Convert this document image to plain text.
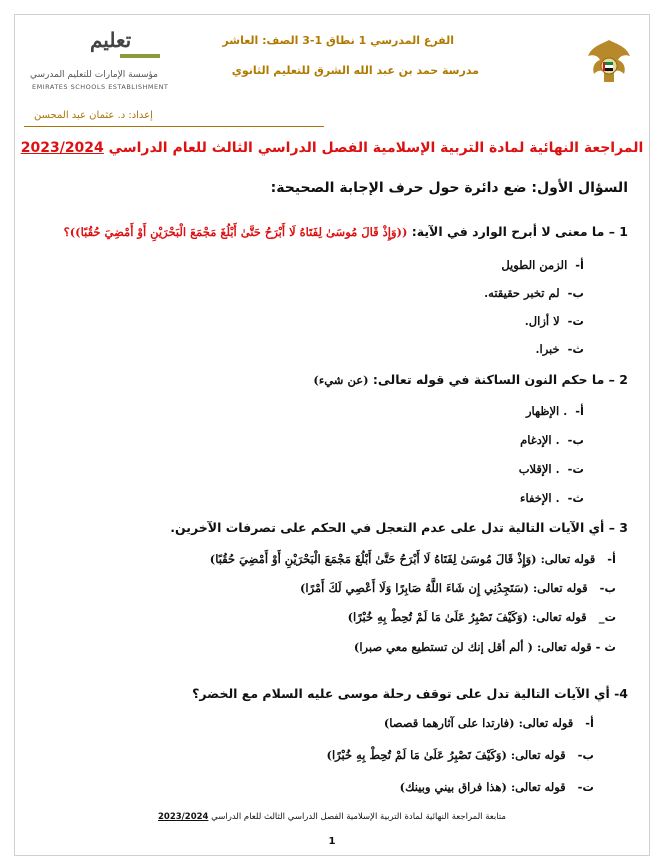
الفرع المدرسي 1 نطاق 1-3 الصف: العاشر
مدرسة حمد بن عبد الله الشرق للتعليم الثانوي
تعليم
مؤسسة الإمارات للتعليم المدرسي
EMIRATES SCHOOLS ESTABLISHMENT
إعداد: د. عثمان عبد المحسن
المراجعة النهائية لمادة التربية الإسلامية الفصل الدراسي الثالث للعام الدراسي 2023/2024
السؤال الأول: ضع دائرة حول حرف الإجابة الصحيحة:
1 – ما معنى لا أبرح الوارد في الآية: ((وَإِذْ قَالَ مُوسَىٰ لِفَتَاهُ لَا أَبْرَحُ حَتَّىٰ أَبْلُغَ مَجْمَعَ الْبَحْرَيْنِ أَوْ أَمْضِيَ حُقُبًا))؟
أ-  الزمن الطويل
ب-  لم تخبر حقيقته.
ت-  لا أزال.
ث-  خبرا.
2 – ما حكم النون الساكنة في قوله تعالى: (عن شيء)
أ-  . الإظهار
ب-  . الإدغام
ت-  . الإقلاب
ث-  . الإخفاء
3 – أي الآيات التالية تدل على عدم التعجل في الحكم على تصرفات الآخرين.
أ-   قوله تعالى: (وَإِذْ قَالَ مُوسَىٰ لِفَتَاهُ لَا أَبْرَحُ حَتَّىٰ أَبْلُغَ مَجْمَعَ الْبَحْرَيْنِ أَوْ أَمْضِيَ حُقُبًا)
ب-   قوله تعالى: (سَتَجِدُنِي إِن شَاءَ اللَّهُ صَابِرًا وَلَا أَعْصِي لَكَ أَمْرًا)
ت_   قوله تعالى: (وَكَيْفَ تَصْبِرُ عَلَىٰ مَا لَمْ تُحِطْ بِهِ خُبْرًا)
ث - قوله تعالى: ( ألم أقل إنك لن تستطيع معي صبرا)
4- أي الآيات التالية تدل على توقف رحلة موسى عليه السلام مع الخضر؟
أ-   قوله تعالى: (فارتدا على آثارهما قصصا)
ب-   قوله تعالى: (وَكَيْفَ تَصْبِرُ عَلَىٰ مَا لَمْ تُحِطْ بِهِ خُبْرًا)
ت-   قوله تعالى: (هذا فراق بيني وبينك)
متابعة المراجعة النهائية لمادة التربية الإسلامية الفصل الدراسي الثالث للعام الدراسي 2023/2024
1
